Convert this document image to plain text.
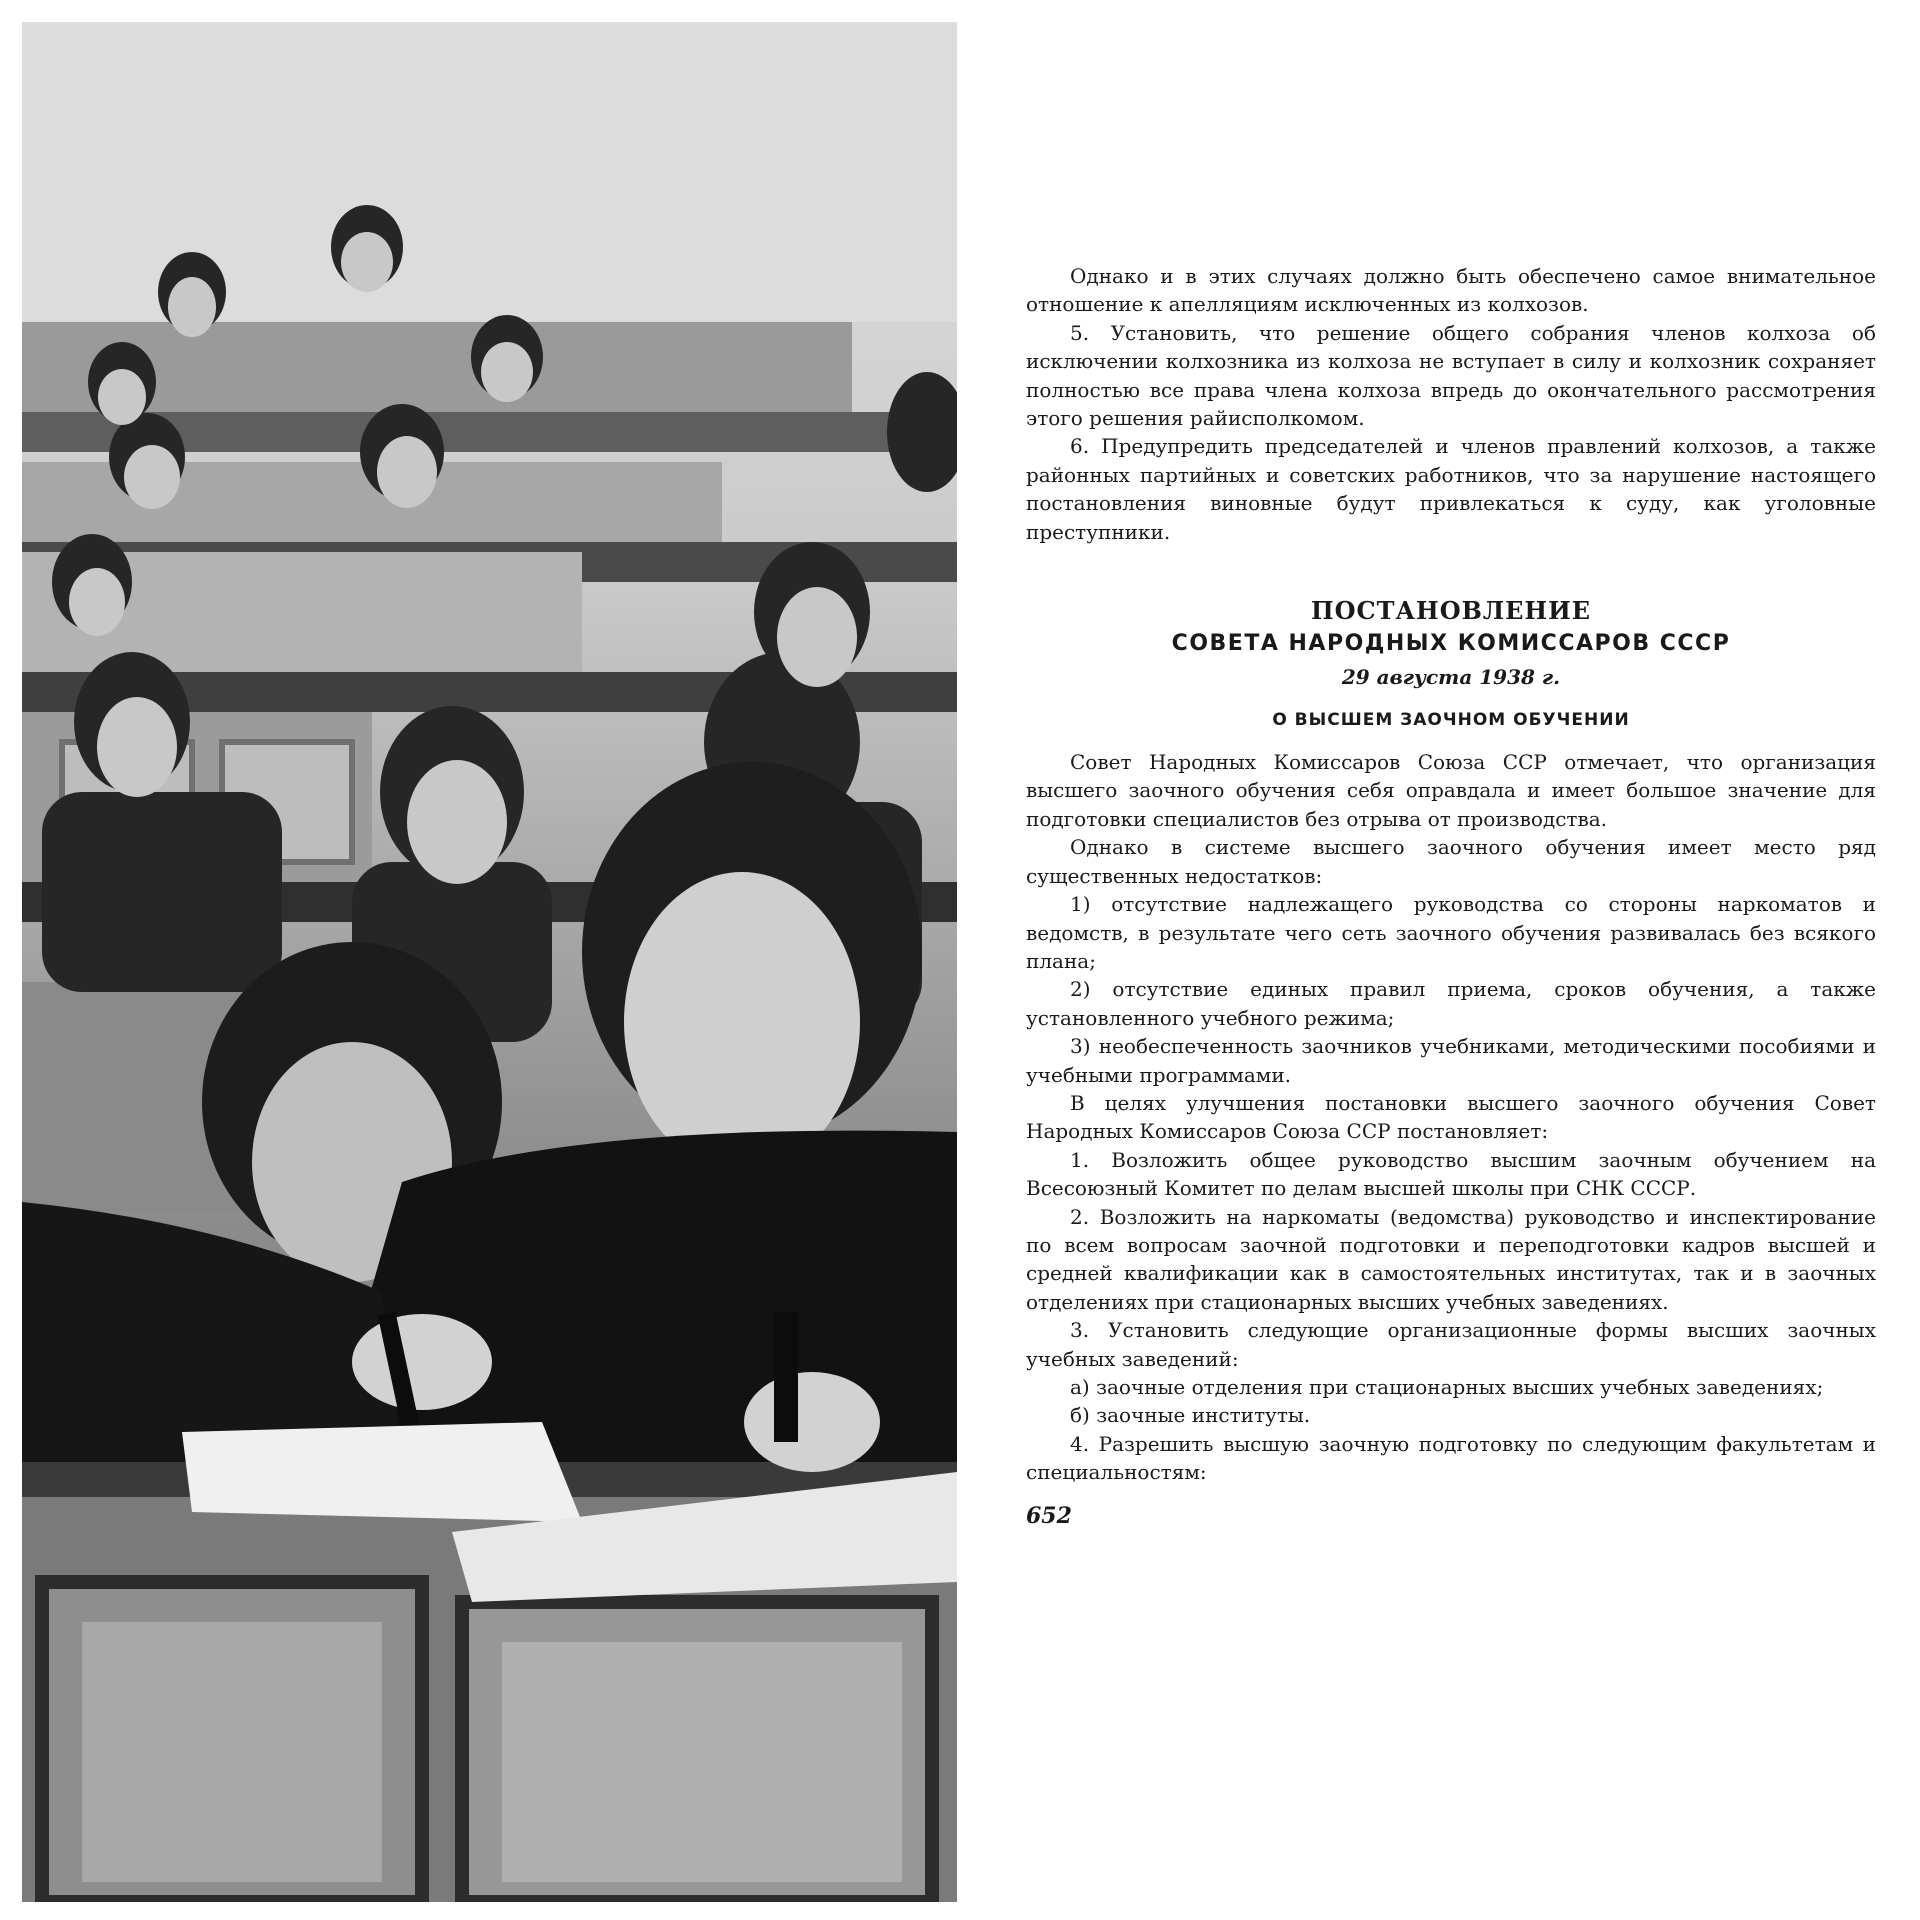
Однако и в этих случаях должно быть обеспечено самое внимательное отношение к апелляциям исключенных из колхозов.

5. Установить, что решение общего собрания членов колхоза об исключении колхозника из колхоза не вступает в силу и колхозник сохраняет полностью все права члена колхоза впредь до окончательного рассмотрения этого решения райисполкомом.

6. Предупредить председателей и членов правлений колхозов, а также районных партийных и советских работников, что за нарушение настоящего постановления виновные будут привлекаться к суду, как уголовные преступники.

ПОСТАНОВЛЕНИЕ

СОВЕТА НАРОДНЫХ КОМИССАРОВ СССР

29 августа 1938 г.

О ВЫСШЕМ ЗАОЧНОМ ОБУЧЕНИИ

Совет Народных Комиссаров Союза ССР отмечает, что организация высшего заочного обучения себя оправдала и имеет большое значение для подготовки специалистов без отрыва от производства.

Однако в системе высшего заочного обучения имеет место ряд существенных недостатков:

1) отсутствие надлежащего руководства со стороны наркоматов и ведомств, в результате чего сеть заочного обучения развивалась без всякого плана;

2) отсутствие единых правил приема, сроков обучения, а также установленного учебного режима;

3) необеспеченность заочников учебниками, методическими пособиями и учебными программами.

В целях улучшения постановки высшего заочного обучения Совет Народных Комиссаров Союза ССР постановляет:

1. Возложить общее руководство высшим заочным обучением на Всесоюзный Комитет по делам высшей школы при СНК СССР.

2. Возложить на наркоматы (ведомства) руководство и инспектирование по всем вопросам заочной подготовки и переподготовки кадров высшей и средней квалификации как в самостоятельных институтах, так и в заочных отделениях при стационарных высших учебных заведениях.

3. Установить следующие организационные формы высших заочных учебных заведений:

а) заочные отделения при стационарных высших учебных заведениях;

б) заочные институты.

4. Разрешить высшую заочную подготовку по следующим факультетам и специальностям:

652
